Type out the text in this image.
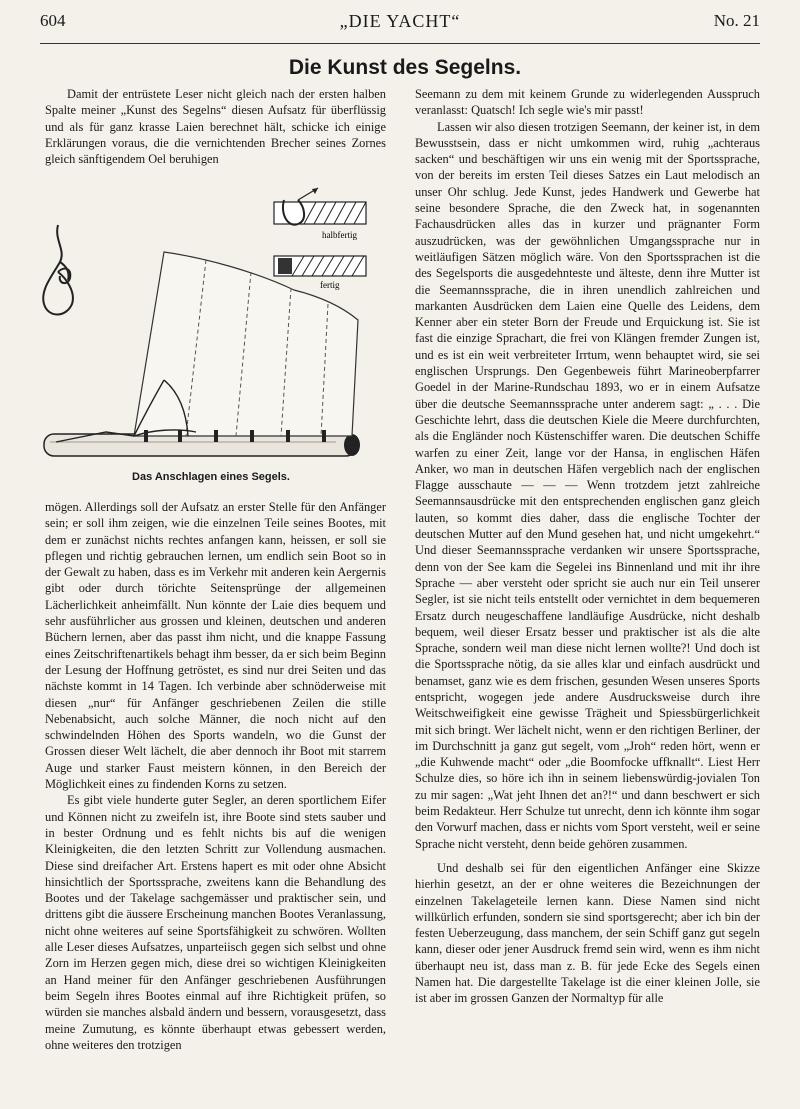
604	„DIE YACHT“	No. 21
Die Kunst des Segelns.

Damit der entrüstete Leser nicht gleich nach der ersten halben Spalte meiner „Kunst des Segelns“ diesen Aufsatz für überflüssig und als für ganz krasse Laien berechnet hält, schicke ich einige Erklärungen voraus, die die vernichtenden Brecher seines Zornes gleich sänftigendem Oel beruhigen

halbfertig
fertig
Das Anschlagen eines Segels.

mögen. Allerdings soll der Aufsatz an erster Stelle für den Anfänger sein; er soll ihm zeigen, wie die einzelnen Teile seines Bootes, mit dem er zunächst nichts rechtes anfangen kann, heissen, er soll sie pflegen und richtig gebrauchen lernen, um endlich sein Boot so in der Gewalt zu haben, dass es im Verkehr mit anderen kein Aergernis gibt oder durch törichte Seitensprünge der allgemeinen Lächerlichkeit anheimfällt. Nun könnte der Laie dies bequem und sehr ausführlicher aus grossen und kleinen, deutschen und anderen Büchern lernen, aber das passt ihm nicht, und die knappe Fassung eines Zeitschriftenartikels behagt ihm besser, da er sich beim Beginn der Lesung der Hoffnung getröstet, es sind nur drei Seiten und das nächste kommt in 14 Tagen. Ich verbinde aber schnöderweise mit diesen „nur“ für Anfänger geschriebenen Zeilen die stille Nebenabsicht, auch solche Männer, die noch nicht auf den schwindelnden Höhen des Sports wandeln, wo die Gunst der Grossen dieser Welt lächelt, die aber dennoch ihr Boot mit starrem Auge und starker Faust meistern können, in den Bereich der Möglichkeit eines zu findenden Korns zu setzen.

Es gibt viele hunderte guter Segler, an deren sportlichem Eifer und Können nicht zu zweifeln ist, ihre Boote sind stets sauber und in bester Ordnung und es fehlt nichts bis auf die wenigen Kleinigkeiten, die den letzten Schritt zur Vollendung ausmachen. Diese sind dreifacher Art. Erstens hapert es mit oder ohne Absicht hinsichtlich der Sportssprache, zweitens kann die Behandlung des Bootes und der Takelage sachgemässer und praktischer sein, und drittens gibt die äussere Erscheinung manchen Bootes Veranlassung, nicht ohne weiteres auf seine Sportsfähigkeit zu schwören. Wollten alle Leser dieses Aufsatzes, unparteiisch gegen sich selbst und ohne Zorn im Herzen gegen mich, diese drei so wichtigen Kleinigkeiten an Hand meiner für den Anfänger geschriebenen Ausführungen beim Segeln ihres Bootes einmal auf ihre Richtigkeit prüfen, so würden sie manches alsbald ändern und bessern, vorausgesetzt, dass meine Zumutung, es könnte überhaupt etwas gebessert werden, ohne weiteres den trotzigen

Seemann zu dem mit keinem Grunde zu widerlegenden Ausspruch veranlasst: Quatsch! Ich segle wie's mir passt!

Lassen wir also diesen trotzigen Seemann, der keiner ist, in dem Bewusstsein, dass er nicht umkommen wird, ruhig „achteraus sacken“ und beschäftigen wir uns ein wenig mit der Sportssprache, von der bereits im ersten Teil dieses Satzes ein Laut melodisch an unser Ohr schlug. Jede Kunst, jedes Handwerk und Gewerbe hat seine besondere Sprache, die den Zweck hat, in sogenannten Fachausdrücken alles das in kurzer und prägnanter Form auszudrücken, was der gewöhnlichen Umgangssprache nur in weitläufigen Sätzen möglich wäre. Von den Sportssprachen ist die des Segelsports die ausgedehnteste und älteste, denn ihre Mutter ist die Seemannssprache, die in ihren unendlich zahlreichen und markanten Ausdrücken dem Laien eine Quelle des Leidens, dem Kenner aber ein steter Born der Freude und Erquickung ist. Sie ist fast die einzige Sprachart, die frei von Klängen fremder Zungen ist, und es ist ein weit verbreiteter Irrtum, wenn behauptet wird, sie sei englischen Ursprungs. Den Gegenbeweis führt Marineoberpfarrer Goedel in der Marine-Rundschau 1893, wo er in einem Aufsatze über die deutsche Seemannssprache unter anderem sagt: „ . . . Die Geschichte lehrt, dass die deutschen Kiele die Meere durchfurchten, als die Engländer noch Küstenschiffer waren. Die deutschen Schiffe warfen zu einer Zeit, lange vor der Hansa, in englischen Häfen Anker, wo man in deutschen Häfen vergeblich nach der englischen Flagge ausschaute — — — Wenn trotzdem jetzt zahlreiche Seemannsausdrücke mit den entsprechenden englischen ganz gleich lauten, so kommt dies daher, dass die englische Tochter der deutschen Mutter auf den Mund gesehen hat, und nicht umgekehrt.“ Und dieser Seemannssprache verdanken wir unsere Sportssprache, denn von der See kam die Segelei ins Binnenland und mit ihr ihre Sprache — aber versteht oder spricht sie auch nur ein Teil unserer Segler, ist sie nicht teils entstellt oder vernichtet in dem bequemeren Ersatz durch neugeschaffene landläufige Ausdrücke, nicht deshalb bequem, weil dieser Ersatz besser und praktischer ist als die alte Sprache, sondern weil man diese nicht lernen wollte?! Und doch ist die Sportssprache nötig, da sie alles klar und einfach ausdrückt und benamset, ganz wie es dem frischen, gesunden Wesen unseres Sports entspricht, wogegen jede andere Ausdrucksweise durch ihre Weitschweifigkeit eine gewisse Trägheit und Spiessbürgerlichkeit mit sich bringt. Wer lächelt nicht, wenn er den richtigen Berliner, der im Durchschnitt ja ganz gut segelt, vom „Jroh“ reden hört, wenn er „die Kuhwende macht“ oder „die Boomfocke uffknallt“. Liest Herr Schulze dies, so höre ich ihn in seinem liebenswürdig-jovialen Ton zu mir sagen: „Wat jeht Ihnen det an?!“ und dann beschwert er sich beim Redakteur. Herr Schulze tut unrecht, denn ich könnte ihm sogar den Vorwurf machen, dass er nichts vom Sport versteht, weil er seine Sprache nicht versteht, denn beide gehören zusammen.

Und deshalb sei für den eigentlichen Anfänger eine Skizze hierhin gesetzt, an der er ohne weiteres die Bezeichnungen der einzelnen Takelageteile lernen kann. Diese Namen sind nicht willkürlich erfunden, sondern sie sind sportsgerecht; aber ich bin der festen Ueberzeugung, dass manchem, der sein Schiff ganz gut segeln kann, dieser oder jener Ausdruck fremd sein wird, wenn es ihm nicht überhaupt neu ist, dass man z. B. für jede Ecke des Segels einen Namen hat. Die dargestellte Takelage ist die einer kleinen Jolle, sie ist aber im grossen Ganzen der Normaltyp für alle
